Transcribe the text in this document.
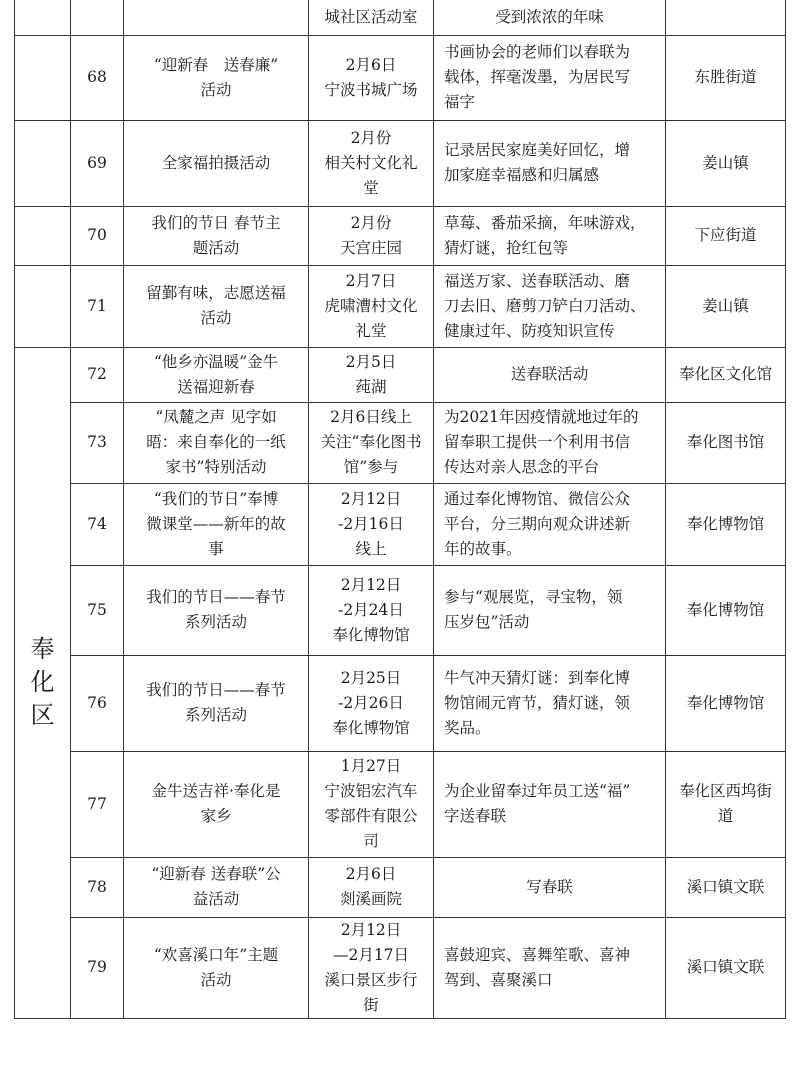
			城社区活动室	受到浓浓的年味	

	68	“迎新春　送春廉”
活动	2月6日
宁波书城广场	书画协会的老师们以春联为
载体，挥毫泼墨，为居民写
福字	东胜街道
	69	全家福拍摄活动	2月份
相关村文化礼
堂	记录居民家庭美好回忆，增
加家庭幸福感和归属感	姜山镇
	70	我们的节日 春节主
题活动	2月份
天宫庄园	草莓、番茄采摘，年味游戏，
猜灯谜，抢红包等	下应街道
	71	留鄞有味，志愿送福
活动	2月7日
虎啸漕村文化
礼堂	福送万家、送春联活动、磨
刀去旧、磨剪刀铲白刀活动、
健康过年、防疫知识宣传	姜山镇

奉
化
区	72	“他乡亦温暖”金牛
送福迎新春	2月5日
莼湖	送春联活动	奉化区文化馆
	73	“凤麓之声 见字如
晤：来自奉化的一纸
家书”特别活动	2月6日线上
关注“奉化图书
馆”参与	为2021年因疫情就地过年的
留奉职工提供一个利用书信
传达对亲人思念的平台	奉化图书馆
	74	“我们的节日”奉博
微课堂——新年的故
事	2月12日
-2月16日
线上	通过奉化博物馆、微信公众
平台，分三期向观众讲述新
年的故事。	奉化博物馆
	75	我们的节日——春节
系列活动	2月12日
-2月24日
奉化博物馆	参与“观展览，寻宝物，领
压岁包”活动	奉化博物馆
	76	我们的节日——春节
系列活动	2月25日
-2月26日
奉化博物馆	牛气冲天猜灯谜：到奉化博
物馆闹元宵节，猜灯谜，领
奖品。	奉化博物馆
	77	金牛送吉祥·奉化是
家乡	1月27日
宁波铝宏汽车
零部件有限公
司	为企业留奉过年员工送“福”
字送春联	奉化区西坞街道
	78	“迎新春 送春联”公
益活动	2月6日
剡溪画院	写春联	溪口镇文联
	79	“欢喜溪口年”主题
活动	2月12日
—2月17日
溪口景区步行
街	喜鼓迎宾、喜舞笙歌、喜神
驾到、喜聚溪口	溪口镇文联
